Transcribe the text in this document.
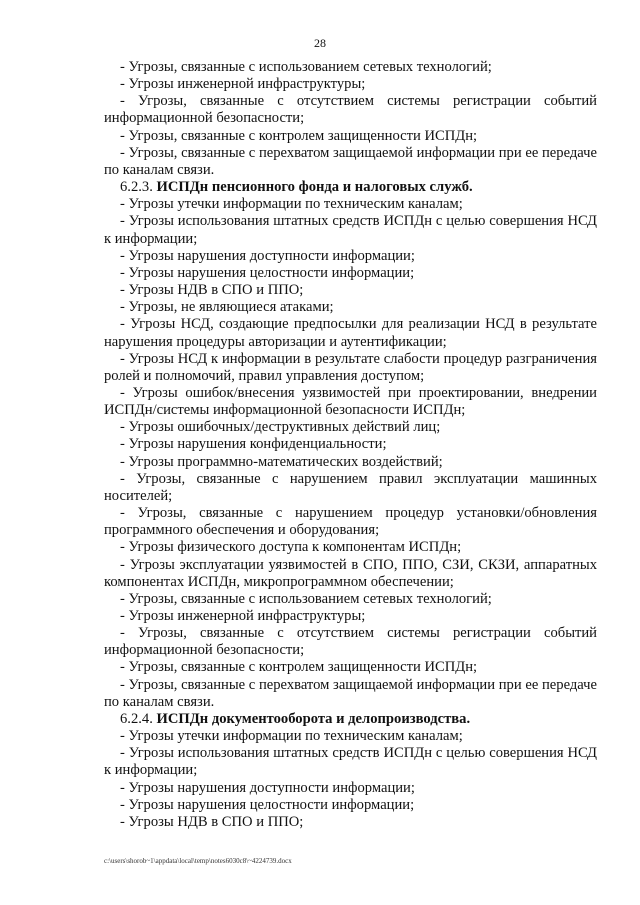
28

- Угрозы, связанные с использованием сетевых технологий;

- Угрозы инженерной инфраструктуры;

- Угрозы, связанные с отсутствием системы регистрации событий информационной безопасности;

- Угрозы, связанные с контролем защищенности ИСПДн;

- Угрозы, связанные с перехватом защищаемой информации при ее передаче по каналам связи.

6.2.3. ИСПДн пенсионного фонда и налоговых служб.

- Угрозы утечки информации по техническим каналам;

- Угрозы использования штатных средств ИСПДн с целью совершения НСД к информации;

- Угрозы нарушения доступности информации;

- Угрозы нарушения целостности информации;

- Угрозы НДВ в СПО и ППО;

- Угрозы, не являющиеся атаками;

- Угрозы НСД, создающие предпосылки для реализации НСД в результате нарушения процедуры авторизации и аутентификации;

- Угрозы НСД к информации в результате слабости процедур разграничения ролей и полномочий, правил управления доступом;

- Угрозы ошибок/внесения уязвимостей при проектировании, внедрении ИСПДн/системы информационной безопасности ИСПДн;

- Угрозы ошибочных/деструктивных действий лиц;

- Угрозы нарушения конфиденциальности;

- Угрозы программно-математических воздействий;

- Угрозы, связанные с нарушением правил эксплуатации машинных носителей;

- Угрозы, связанные с нарушением процедур установки/обновления программного обеспечения и оборудования;

- Угрозы физического доступа к компонентам ИСПДн;

- Угрозы эксплуатации уязвимостей в СПО, ППО, СЗИ, СКЗИ, аппаратных компонентах ИСПДн, микропрограммном обеспечении;

- Угрозы, связанные с использованием сетевых технологий;

- Угрозы инженерной инфраструктуры;

- Угрозы, связанные с отсутствием системы регистрации событий информационной безопасности;

- Угрозы, связанные с контролем защищенности ИСПДн;

- Угрозы, связанные с перехватом защищаемой информации при ее передаче по каналам связи.

6.2.4. ИСПДн документооборота и делопроизводства.

- Угрозы утечки информации по техническим каналам;

- Угрозы использования штатных средств ИСПДн с целью совершения НСД к информации;

- Угрозы нарушения доступности информации;

- Угрозы нарушения целостности информации;

- Угрозы НДВ в СПО и ППО;

c:\users\shorob~1\appdata\local\temp\notes6030c8\~4224739.docx
